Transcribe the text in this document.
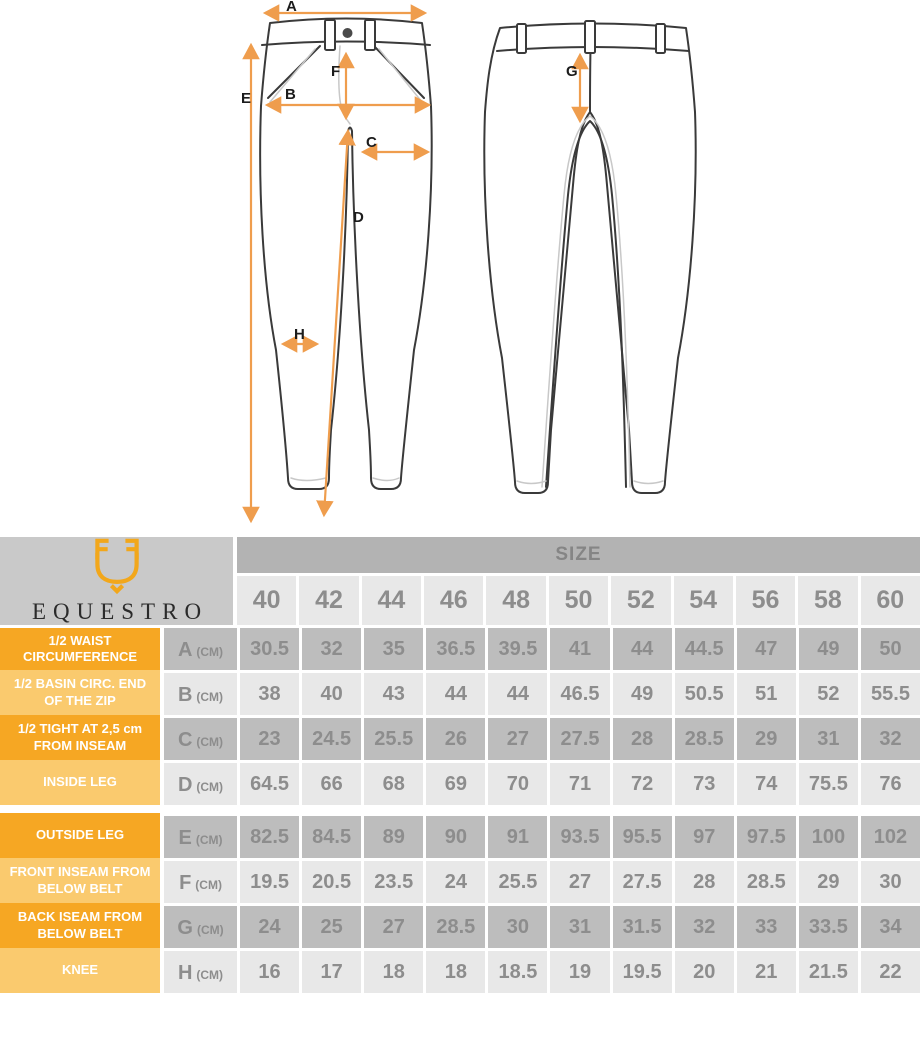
A
B
C
D
E
F	G
H
EQUESTRO
SIZE
40	42	44	46	48	50	52	54	56	58	60
1/2 WAIST CIRCUMFERENCE	A (CM)	30.5	32	35	36.5	39.5	41	44	44.5	47	49	50
1/2 BASIN CIRC. END OF THE ZIP	B (CM)	38	40	43	44	44	46.5	49	50.5	51	52	55.5
1/2 TIGHT AT 2,5 cm FROM INSEAM	C (CM)	23	24.5	25.5	26	27	27.5	28	28.5	29	31	32
INSIDE LEG	D (CM)	64.5	66	68	69	70	71	72	73	74	75.5	76
OUTSIDE LEG	E (CM)	82.5	84.5	89	90	91	93.5	95.5	97	97.5	100	102
FRONT INSEAM FROM BELOW BELT	F (CM)	19.5	20.5	23.5	24	25.5	27	27.5	28	28.5	29	30
BACK ISEAM FROM BELOW BELT	G (CM)	24	25	27	28.5	30	31	31.5	32	33	33.5	34
KNEE	H (CM)	16	17	18	18	18.5	19	19.5	20	21	21.5	22
